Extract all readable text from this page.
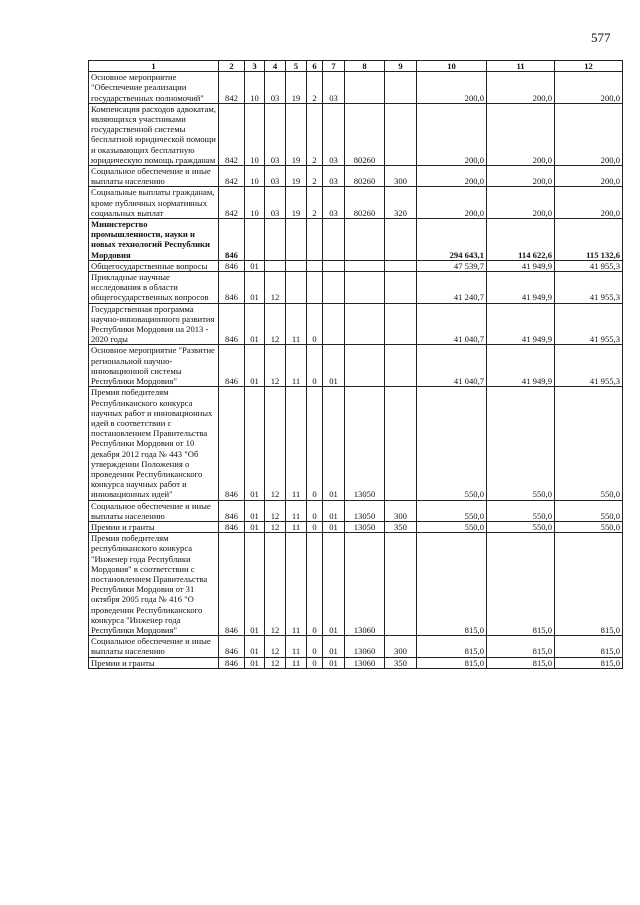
577
1	2	3	4	5	6	7	8	9	10	11	12
Основное мероприятие "Обеспечение реализации государственных полномочий"	842	10	03	19	2	03			200,0	200,0	200,0
Компенсация расходов адвокатам, являющихся участниками государственной системы бесплатной юридической помощи и оказывающих бесплатную юридическую помощь гражданам	842	10	03	19	2	03	80260		200,0	200,0	200,0
Социальное обеспечение и иные выплаты населению	842	10	03	19	2	03	80260	300	200,0	200,0	200,0
Социальные выплаты гражданам, кроме публичных нормативных социальных выплат	842	10	03	19	2	03	80260	320	200,0	200,0	200,0
Министерство промышленности, науки и новых технологий Республики Мордовия	846								294 643,1	114 622,6	115 132,6
Общегосударственные вопросы	846	01							47 539,7	41 949,9	41 955,3
Прикладные научные исследования в области общегосударственных вопросов	846	01	12						41 240,7	41 949,9	41 955,3
Государственная программа научно-инновационного развития Республики Мордовия на 2013 - 2020 годы	846	01	12	11	0				41 040,7	41 949,9	41 955,3
Основное мероприятие "Развитие региональной научно-инновационной системы Республики Мордовия"	846	01	12	11	0	01			41 040,7	41 949,9	41 955,3
Премия победителям Республиканского конкурса научных работ и инновационных идей в соответствии с постановлением Правительства Республики Мордовия от 10 декабря 2012 года № 443 "Об утверждении Положения о проведении Республиканского конкурса научных работ и инновационных идей"	846	01	12	11	0	01	13050		550,0	550,0	550,0
Социальное обеспечение и иные выплаты населению	846	01	12	11	0	01	13050	300	550,0	550,0	550,0
Премии и гранты	846	01	12	11	0	01	13050	350	550,0	550,0	550,0
Премия победителям республиканского конкурса "Инженер года Республики Мордовия" в соответствии с постановлением Правительства Республики Мордовия от 31 октября 2005 года № 416 "О проведении Республиканского конкурса "Инженер года Республики Мордовия"	846	01	12	11	0	01	13060		815,0	815,0	815,0
Социальное обеспечение и иные выплаты населению	846	01	12	11	0	01	13060	300	815,0	815,0	815,0
Премии и гранты	846	01	12	11	0	01	13060	350	815,0	815,0	815,0
